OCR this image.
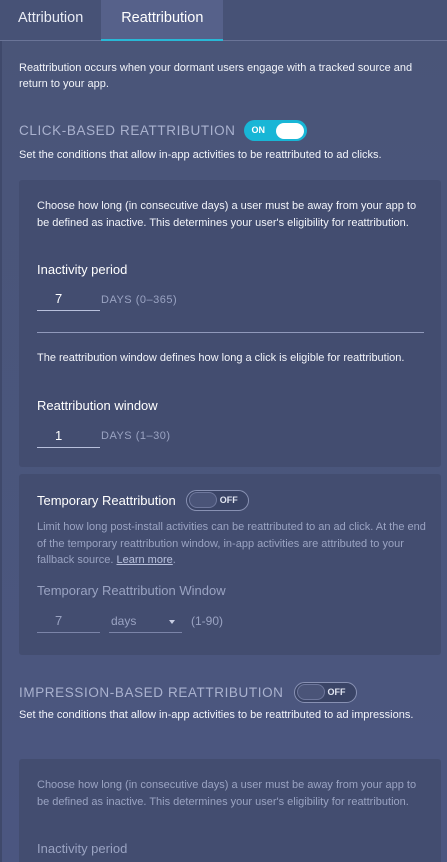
Attribution	Reattribution
Reattribution occurs when your dormant users engage with a tracked source and return to your app.
CLICK-BASED REATTRIBUTION ON
Set the conditions that allow in-app activities to be reattributed to ad clicks.
Choose how long (in consecutive days) a user must be away from your app to be defined as inactive. This determines your user's eligibility for reattribution.
Inactivity period
7	DAYS (0–365)
The reattribution window defines how long a click is eligible for reattribution.
Reattribution window
1	DAYS (1–30)
Temporary Reattribution	OFF
Limit how long post-install activities can be reattributed to an ad click. At the end of the temporary reattribution window, in-app activities are attributed to your fallback source. Learn more.
Temporary Reattribution Window
7	days	(1-90)
IMPRESSION-BASED REATTRIBUTION	OFF
Set the conditions that allow in-app activities to be reattributed to ad impressions.
Choose how long (in consecutive days) a user must be away from your app to be defined as inactive. This determines your user's eligibility for reattribution.
Inactivity period
